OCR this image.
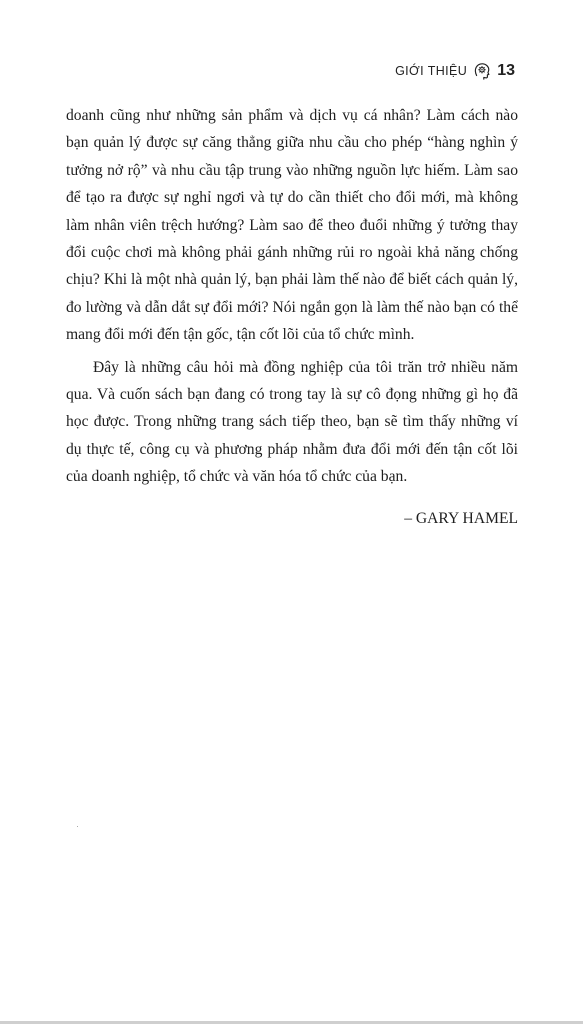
GIỚI THIỆU 13

doanh cũng như những sản phẩm và dịch vụ cá nhân? Làm cách nào bạn quản lý được sự căng thẳng giữa nhu cầu cho phép “hàng nghìn ý tưởng nở rộ” và nhu cầu tập trung vào những nguồn lực hiếm. Làm sao để tạo ra được sự nghỉ ngơi và tự do cần thiết cho đổi mới, mà không làm nhân viên trệch hướng? Làm sao để theo đuổi những ý tưởng thay đổi cuộc chơi mà không phải gánh những rủi ro ngoài khả năng chống chịu? Khi là một nhà quản lý, bạn phải làm thế nào để biết cách quản lý, đo lường và dẫn dắt sự đổi mới? Nói ngắn gọn là làm thế nào bạn có thể mang đổi mới đến tận gốc, tận cốt lõi của tổ chức mình.

Đây là những câu hỏi mà đồng nghiệp của tôi trăn trở nhiều năm qua. Và cuốn sách bạn đang có trong tay là sự cô đọng những gì họ đã học được. Trong những trang sách tiếp theo, bạn sẽ tìm thấy những ví dụ thực tế, công cụ và phương pháp nhằm đưa đổi mới đến tận cốt lõi của doanh nghiệp, tổ chức và văn hóa tổ chức của bạn.

– GARY HAMEL
